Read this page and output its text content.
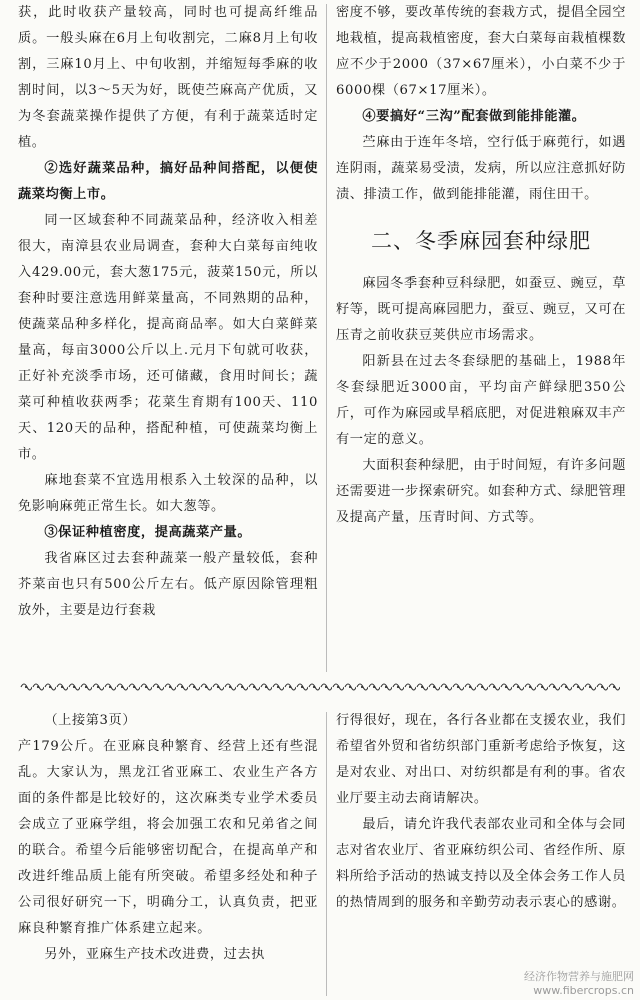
获，此时收获产量较高，同时也可提高纤维品质。一般头麻在6月上旬收割完，二麻8月上旬收割，三麻10月上、中旬收割，并缩短每季麻的收割时间，以3～5天为好，既使苎麻高产优质，又为冬套蔬菜操作提供了方便，有利于蔬菜适时定植。

②选好蔬菜品种，搞好品种间搭配，以便使蔬菜均衡上市。

同一区域套种不同蔬菜品种，经济收入相差很大，南漳县农业局调查，套种大白菜每亩纯收入429.00元，套大葱175元，菠菜150元，所以套种时要注意选用鲜菜量高，不同熟期的品种，使蔬菜品种多样化，提高商品率。如大白菜鲜菜量高，每亩3000公斤以上.元月下旬就可收获，正好补充淡季市场，还可储藏，食用时间长；蔬菜可种植收获两季；花菜生育期有100天、110天、120天的品种，搭配种植，可使蔬菜均衡上市。

麻地套菜不宜选用根系入土较深的品种，以免影响麻蔸正常生长。如大葱等。

③保证种植密度，提高蔬菜产量。

我省麻区过去套种蔬菜一般产量较低，套种芥菜亩也只有500公斤左右。低产原因除管理粗放外，主要是边行套栽

密度不够，要改革传统的套栽方式，提倡全园空地栽植，提高栽植密度，套大白菜每亩栽植棵数应不少于2000（37×67厘米），小白菜不少于6000棵（67×17厘米）。

④要搞好“三沟”配套做到能排能灌。

苎麻由于连年冬培，空行低于麻蔸行，如遇连阴雨，蔬菜易受渍，发病，所以应注意抓好防渍、排渍工作，做到能排能灌，雨住田干。

二、冬季麻园套种绿肥

麻园冬季套种豆科绿肥，如蚕豆、豌豆，草籽等，既可提高麻园肥力，蚕豆、豌豆，又可在压青之前收获豆荚供应市场需求。

阳新县在过去冬套绿肥的基础上，1988年冬套绿肥近3000亩，平均亩产鲜绿肥350公斤，可作为麻园或旱稻底肥，对促进粮麻双丰产有一定的意义。

大面积套种绿肥，由于时间短，有许多问题还需要进一步探索研究。如套种方式、绿肥管理及提高产量，压青时间、方式等。

（上接第3页）

产179公斤。在亚麻良种繁育、经营上还有些混乱。大家认为，黑龙江省亚麻工、农业生产各方面的条件都是比较好的，这次麻类专业学术委员会成立了亚麻学组，将会加强工农和兄弟省之间的联合。希望今后能够密切配合，在提高单产和改进纤维品质上能有所突破。希望多经处和种子公司很好研究一下，明确分工，认真负责，把亚麻良种繁育推广体系建立起来。

另外，亚麻生产技术改进费，过去执

行得很好，现在，各行各业都在支援农业，我们希望省外贸和省纺织部门重新考虑给予恢复，这是对农业、对出口、对纺织都是有利的事。省农业厅要主动去商请解决。

最后，请允许我代表部农业司和全体与会同志对省农业厅、省亚麻纺织公司、省经作所、原料所给予活动的热诚支持以及全体会务工作人员的热情周到的服务和辛勤劳动表示衷心的感谢。

经济作物营养与施肥网
www.fibercrops.cn
